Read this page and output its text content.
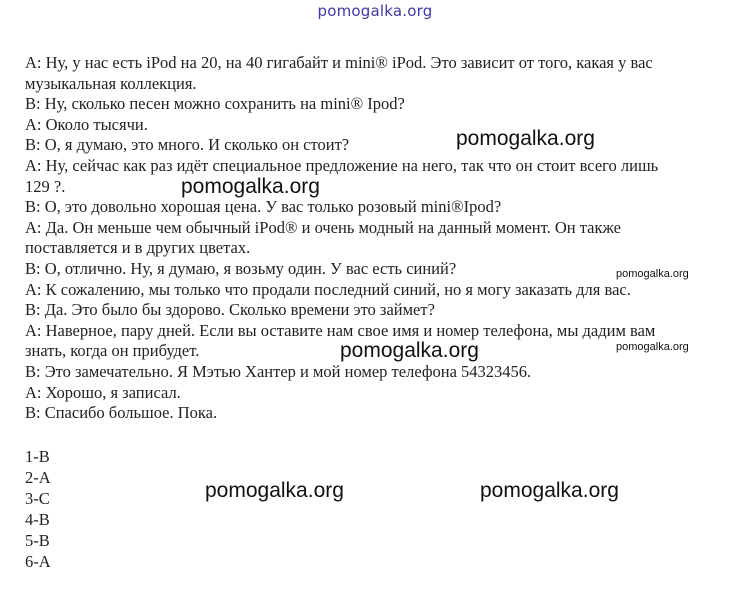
pomogalka.org
A: Ну, у нас есть iPod на 20, на 40 гигабайт и mini® iPod. Это зависит от того, какая у вас
музыкальная коллекция.
B: Ну, сколько песен можно сохранить на mini® Ipod?
A: Около тысячи.
B: О, я думаю, это много. И сколько он стоит?
A: Ну, сейчас как раз идёт специальное предложение на него, так что он стоит всего лишь
129 ?.
B: О, это довольно хорошая цена. У вас только розовый mini®Ipod?
A: Да. Он меньше чем обычный iPod® и очень модный на данный момент. Он также
поставляется и в других цветах.
B: О, отлично. Ну, я думаю, я возьму один. У вас есть синий?
A: К сожалению, мы только что продали последний синий, но я могу заказать для вас.
B: Да. Это было бы здорово. Сколько времени это займет?
A: Наверное, пару дней. Если вы оставите нам свое имя и номер телефона, мы дадим вам
знать, когда он прибудет.
B: Это замечательно. Я Мэтью Хантер и мой номер телефона 54323456.
A: Хорошо, я записал.
B: Спасибо большое. Пока.
1-B
2-A
3-C
4-B
5-B
6-A
pomogalka.org
pomogalka.org
pomogalka.org
pomogalka.org
pomogalka.org
pomogalka.org	pomogalka.org
